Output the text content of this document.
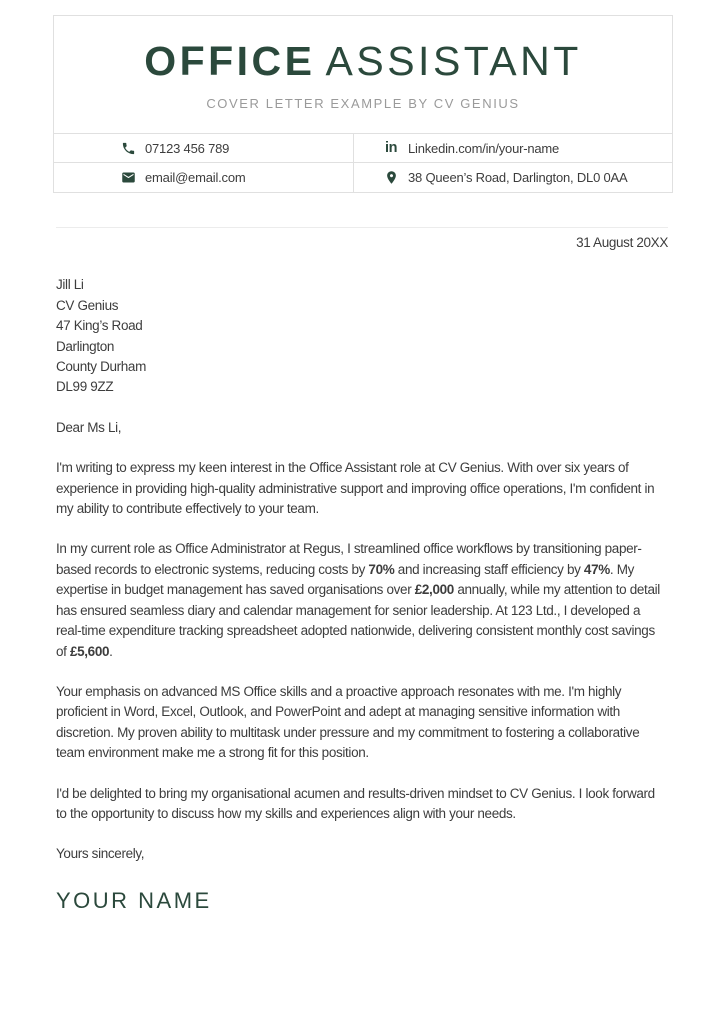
OFFICE ASSISTANT
COVER LETTER EXAMPLE BY CV GENIUS
07123 456 789	in Linkedin.com/in/your-name
email@email.com	38 Queen’s Road, Darlington, DL0 0AA
31 August 20XX
Jill Li
CV Genius
47 King’s Road
Darlington
County Durham
DL99 9ZZ

Dear Ms Li,

I'm writing to express my keen interest in the Office Assistant role at CV Genius. With over six years of experience in providing high-quality administrative support and improving office operations, I'm confident in my ability to contribute effectively to your team.

In my current role as Office Administrator at Regus, I streamlined office workflows by transitioning paper-based records to electronic systems, reducing costs by 70% and increasing staff efficiency by 47%. My expertise in budget management has saved organisations over £2,000 annually, while my attention to detail has ensured seamless diary and calendar management for senior leadership. At 123 Ltd., I developed a real-time expenditure tracking spreadsheet adopted nationwide, delivering consistent monthly cost savings of £5,600.

Your emphasis on advanced MS Office skills and a proactive approach resonates with me. I'm highly proficient in Word, Excel, Outlook, and PowerPoint and adept at managing sensitive information with discretion. My proven ability to multitask under pressure and my commitment to fostering a collaborative team environment make me a strong fit for this position.

I'd be delighted to bring my organisational acumen and results-driven mindset to CV Genius. I look forward to the opportunity to discuss how my skills and experiences align with your needs.

Yours sincerely,

YOUR NAME
